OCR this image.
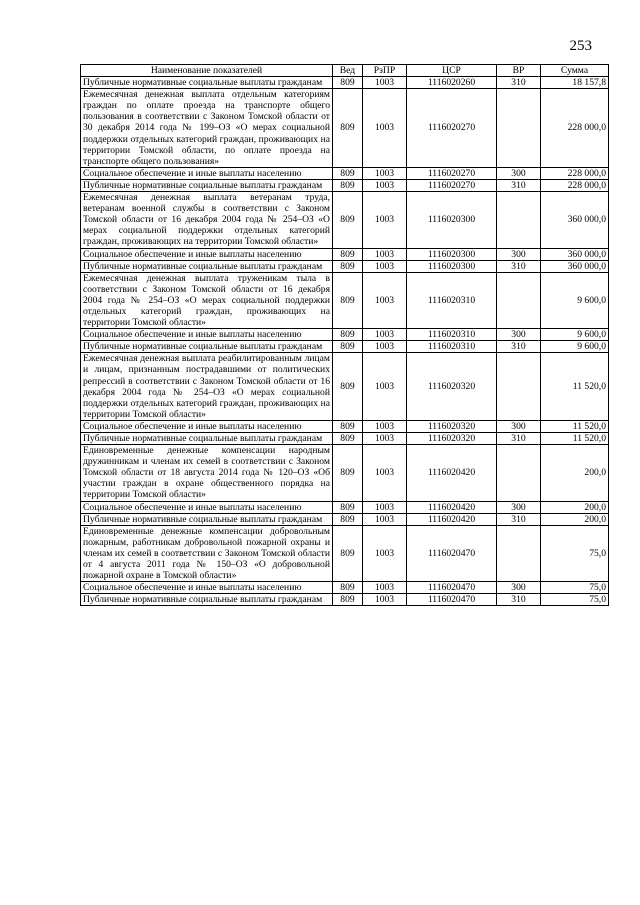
253
Наименование показателей	Вед	РзПР	ЦСР	ВР	Сумма
Публичные нормативные социальные выплаты гражданам	809	1003	1116020260	310	18 157,8
Ежемесячная денежная выплата отдельным категориям граждан по оплате проезда на транспорте общего пользования в соответствии с Законом Томской области от 30 декабря 2014 года № 199–ОЗ «О мерах социальной поддержки отдельных категорий граждан, проживающих на территории Томской области, по оплате проезда на транспорте общего пользования»	809	1003	1116020270		228 000,0
Социальное обеспечение и иные выплаты населению	809	1003	1116020270	300	228 000,0
Публичные нормативные социальные выплаты гражданам	809	1003	1116020270	310	228 000,0
Ежемесячная денежная выплата ветеранам труда, ветеранам военной службы в соответствии с Законом Томской области от 16 декабря 2004 года № 254–ОЗ «О мерах социальной поддержки отдельных категорий граждан, проживающих на территории Томской области»	809	1003	1116020300		360 000,0
Социальное обеспечение и иные выплаты населению	809	1003	1116020300	300	360 000,0
Публичные нормативные социальные выплаты гражданам	809	1003	1116020300	310	360 000,0
Ежемесячная денежная выплата труженикам тыла в соответствии с Законом Томской области от 16 декабря 2004 года № 254–ОЗ «О мерах социальной поддержки отдельных категорий граждан, проживающих на территории Томской области»	809	1003	1116020310		9 600,0
Социальное обеспечение и иные выплаты населению	809	1003	1116020310	300	9 600,0
Публичные нормативные социальные выплаты гражданам	809	1003	1116020310	310	9 600,0
Ежемесячная денежная выплата реабилитированным лицам и лицам, признанным пострадавшими от политических репрессий в соответствии с Законом Томской области от 16 декабря 2004 года № 254–ОЗ «О мерах социальной поддержки отдельных категорий граждан, проживающих на территории Томской области»	809	1003	1116020320		11 520,0
Социальное обеспечение и иные выплаты населению	809	1003	1116020320	300	11 520,0
Публичные нормативные социальные выплаты гражданам	809	1003	1116020320	310	11 520,0
Единовременные денежные компенсации народным дружинникам и членам их семей в соответствии с Законом Томской области от 18 августа 2014 года № 120–ОЗ «Об участии граждан в охране общественного порядка на территории Томской области»	809	1003	1116020420		200,0
Социальное обеспечение и иные выплаты населению	809	1003	1116020420	300	200,0
Публичные нормативные социальные выплаты гражданам	809	1003	1116020420	310	200,0
Единовременные денежные компенсации добровольным пожарным, работникам добровольной пожарной охраны и членам их семей в соответствии с Законом Томской области от 4 августа 2011 года № 150–ОЗ «О добровольной пожарной охране в Томской области»	809	1003	1116020470		75,0
Социальное обеспечение и иные выплаты населению	809	1003	1116020470	300	75,0
Публичные нормативные социальные выплаты гражданам	809	1003	1116020470	310	75,0
